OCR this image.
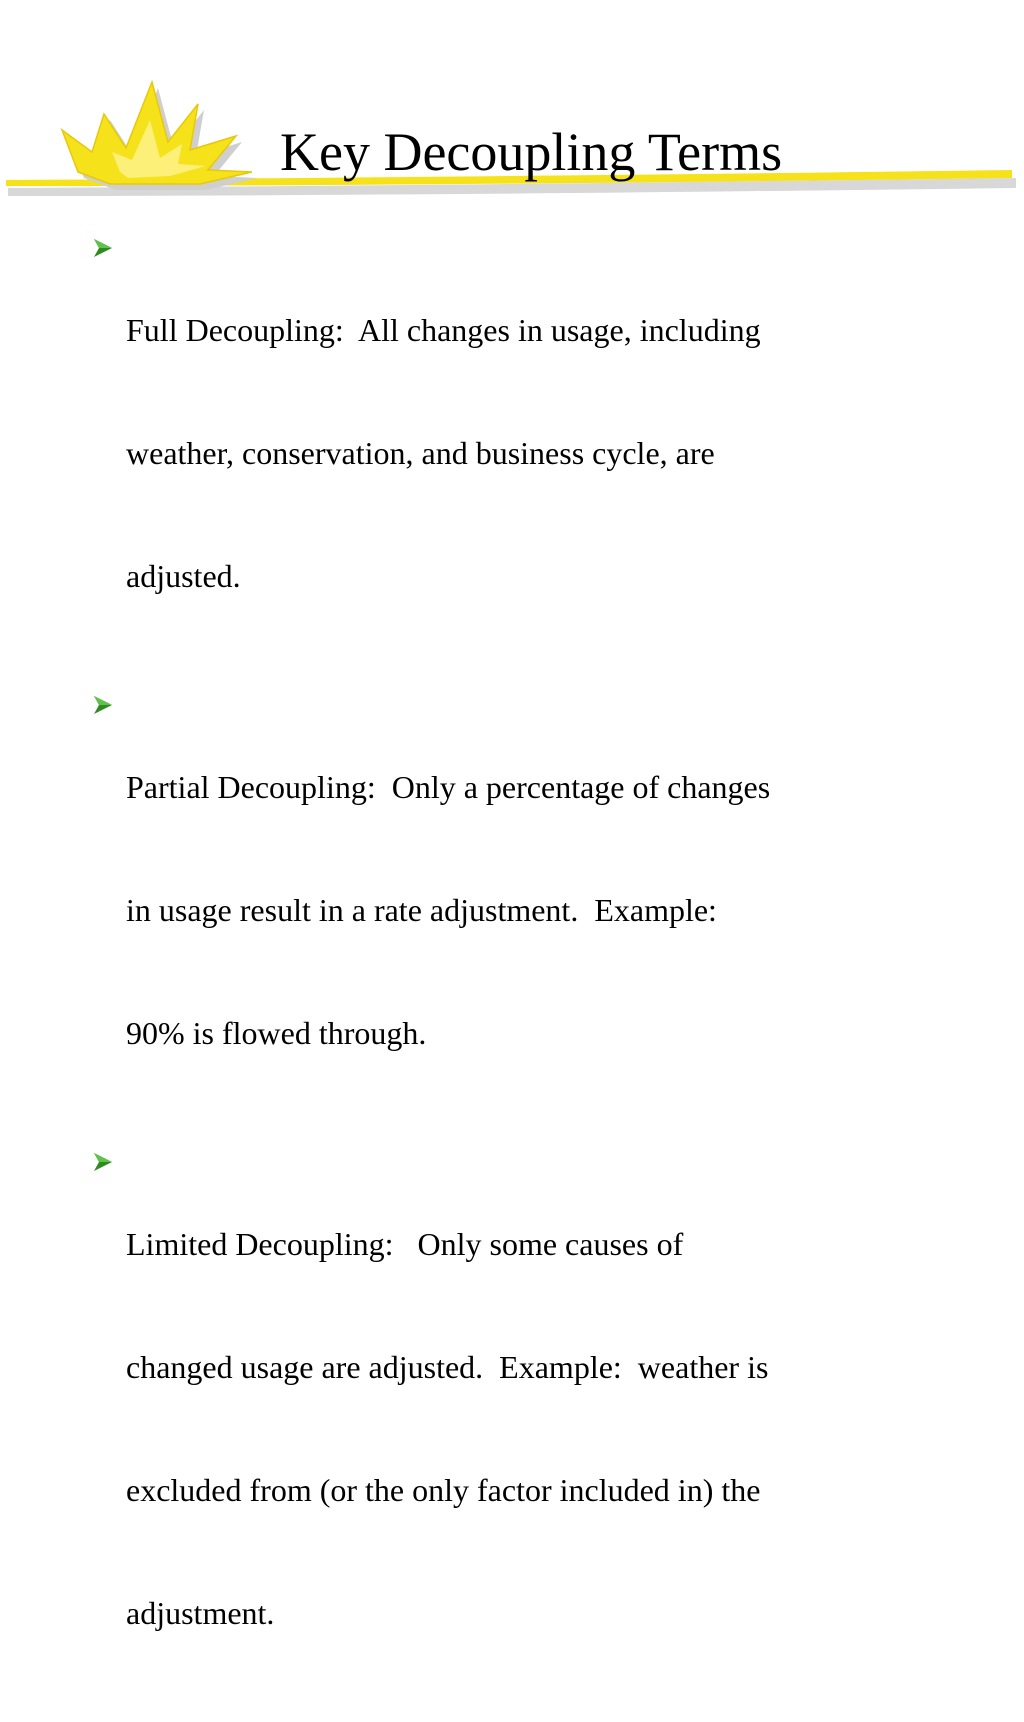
Key Decoupling Terms

Full Decoupling:  All changes in usage, including

weather, conservation, and business cycle, are

adjusted.

Partial Decoupling:  Only a percentage of changes

in usage result in a rate adjustment.  Example:

90% is flowed through.

Limited Decoupling:   Only some causes of

changed usage are adjusted.  Example:  weather is

excluded from (or the only factor included in) the

adjustment.
